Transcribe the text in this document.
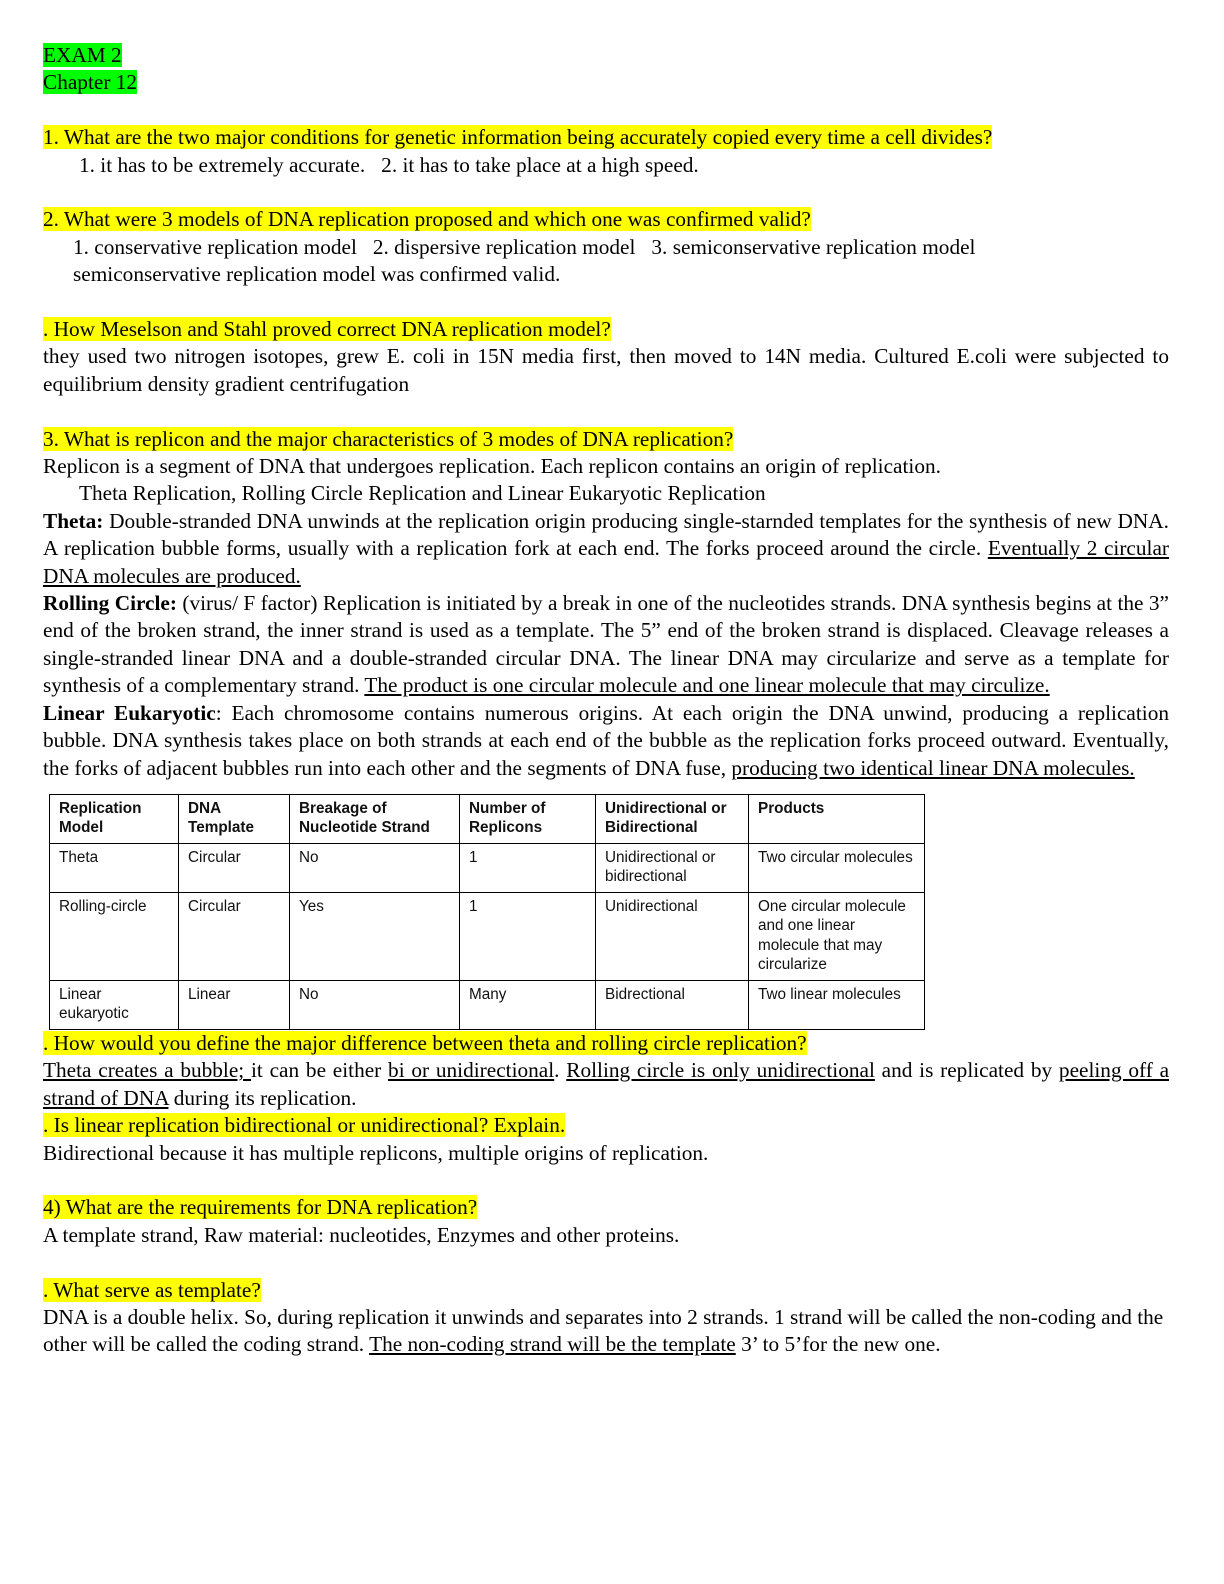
EXAM 2
Chapter 12
1. What are the two major conditions for genetic information being accurately copied every time a cell divides?
1. it has to be extremely accurate.   2. it has to take place at a high speed.
2. What were 3 models of DNA replication proposed and which one was confirmed valid?
1. conservative replication model   2. dispersive replication model   3. semiconservative replication model
semiconservative replication model was confirmed valid.
. How Meselson and Stahl proved correct DNA replication model?
they used two nitrogen isotopes, grew E. coli in 15N media first, then moved to 14N media. Cultured E.coli were subjected to equilibrium density gradient centrifugation
3. What is replicon and the major characteristics of 3 modes of DNA replication?
Replicon is a segment of DNA that undergoes replication. Each replicon contains an origin of replication.
Theta Replication, Rolling Circle Replication and Linear Eukaryotic Replication
Theta: Double-stranded DNA unwinds at the replication origin producing single-starnded templates for the synthesis of new DNA. A replication bubble forms, usually with a replication fork at each end. The forks proceed around the circle. Eventually 2 circular DNA molecules are produced.
Rolling Circle: (virus/ F factor) Replication is initiated by a break in one of the nucleotides strands. DNA synthesis begins at the 3” end of the broken strand, the inner strand is used as a template. The 5” end of the broken strand is displaced. Cleavage releases a single-stranded linear DNA and a double-stranded circular DNA. The linear DNA may circularize and serve as a template for synthesis of a complementary strand. The product is one circular molecule and one linear molecule that may circulize.
Linear Eukaryotic: Each chromosome contains numerous origins. At each origin the DNA unwind, producing a replication bubble. DNA synthesis takes place on both strands at each end of the bubble as the replication forks proceed outward. Eventually, the forks of adjacent bubbles run into each other and the segments of DNA fuse, producing two identical linear DNA molecules.
Replication Model	DNA Template	Breakage of Nucleotide Strand	Number of Replicons	Unidirectional or Bidirectional	Products
Theta	Circular	No	1	Unidirectional or bidirectional	Two circular molecules
Rolling-circle	Circular	Yes	1	Unidirectional	One circular molecule and one linear molecule that may circularize
Linear eukaryotic	Linear	No	Many	Bidrectional	Two linear molecules
. How would you define the major difference between theta and rolling circle replication?
Theta creates a bubble; it can be either bi or unidirectional. Rolling circle is only unidirectional and is replicated by peeling off a strand of DNA during its replication.
. Is linear replication bidirectional or unidirectional? Explain.
Bidirectional because it has multiple replicons, multiple origins of replication.
4) What are the requirements for DNA replication?
A template strand, Raw material: nucleotides, Enzymes and other proteins.
. What serve as template?
DNA is a double helix. So, during replication it unwinds and separates into 2 strands. 1 strand will be called the non-coding and the other will be called the coding strand. The non-coding strand will be the template 3’ to 5’for the new one.
